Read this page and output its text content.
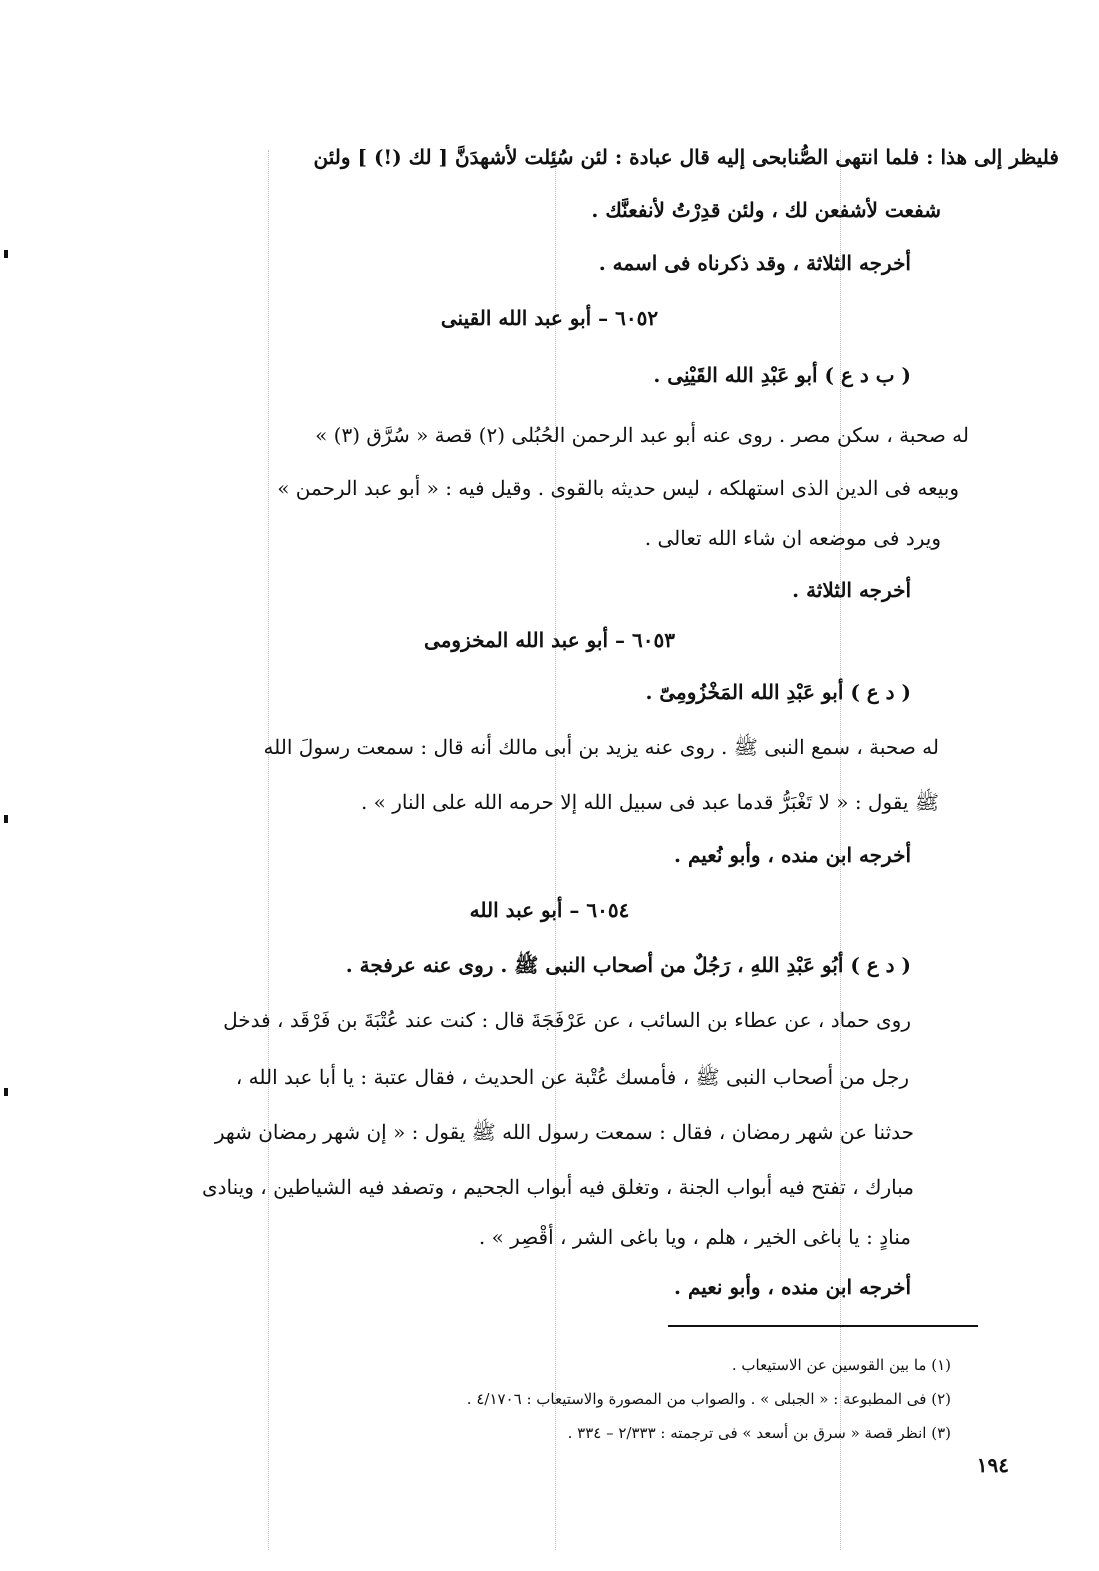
فليظر إلى هذا : فلما انتهى الصُّنابحى إليه قال عبادة : لئن سُئِلت لأشهدَنَّ [ لك (!) ] ولئن
شفعت لأشفعن لك ، ولئن قدِرْتُ لأنفعنَّك .
أخرجه الثلاثة ، وقد ذكرناه فى اسمه .
٦٠٥٢ – أبو عبد الله القينى
( ب د ع ) أبو عَبْدِ الله القَيْنِى .
له صحبة ، سكن مصر . روى عنه أبو عبد الرحمن الحُبُلى (٢) قصة « سُرَّق (٣) »
وبيعه فى الدين الذى استهلكه ، ليس حديثه بالقوى . وقيل فيه : « أبو عبد الرحمن »
ويرد فى موضعه ان شاء الله تعالى .
أخرجه الثلاثة .
٦٠٥٣ – أبو عبد الله المخزومى
( د ع ) أبو عَبْدِ الله المَخْزُومِىّ .
له صحبة ، سمع النبى ﷺ . روى عنه يزيد بن أبى مالك أنه قال : سمعت رسولَ الله
ﷺ يقول : « لا تَغْبَرُّ قدما عبد فى سبيل الله إلا حرمه الله على النار » .
أخرجه ابن منده ، وأبو نُعيم .
٦٠٥٤ – أبو عبد الله
( د ع ) أبُو عَبْدِ اللهِ ، رَجُلٌ من أصحاب النبى ﷺ . روى عنه عرفجة .
روى حماد ، عن عطاء بن السائب ، عن عَرْفَجَةَ قال : كنت عند عُتْبَةَ بن فَرْقَد ، فدخل
رجل من أصحاب النبى ﷺ ، فأمسك عُتْبة عن الحديث ، فقال عتبة : يا أبا عبد الله ،
حدثنا عن شهر رمضان ، فقال : سمعت رسول الله ﷺ يقول : « إن شهر رمضان شهر
مبارك ، تفتح فيه أبواب الجنة ، وتغلق فيه أبواب الجحيم ، وتصفد فيه الشياطين ، وينادى
منادٍ : يا باغى الخير ، هلم ، ويا باغى الشر ، أقْصِر » .
أخرجه ابن منده ، وأبو نعيم .
(١) ما بين القوسين عن الاستيعاب .
(٢) فى المطبوعة : « الجبلى » . والصواب من المصورة والاستيعاب : ٤/١٧٠٦ .
(٣) انظر قصة « سرق بن أسعد » فى ترجمته : ٢/٣٣٣ – ٣٣٤ .
١٩٤
